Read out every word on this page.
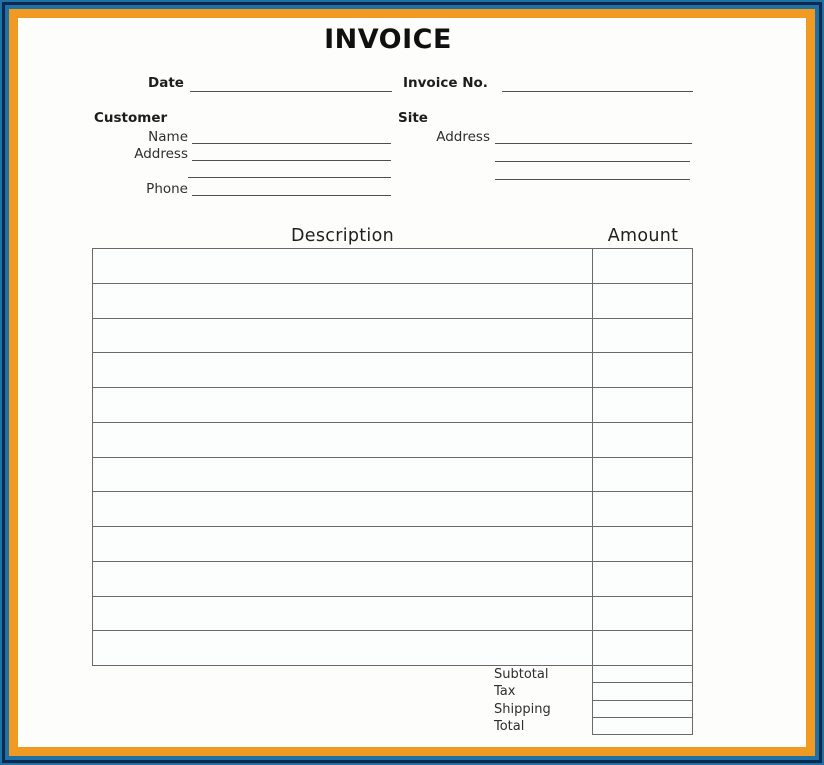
INVOICE
Date	Invoice No.
Customer
Name
Address
Phone
Site
Address
Description	Amount
Subtotal
Tax
Shipping
Total
